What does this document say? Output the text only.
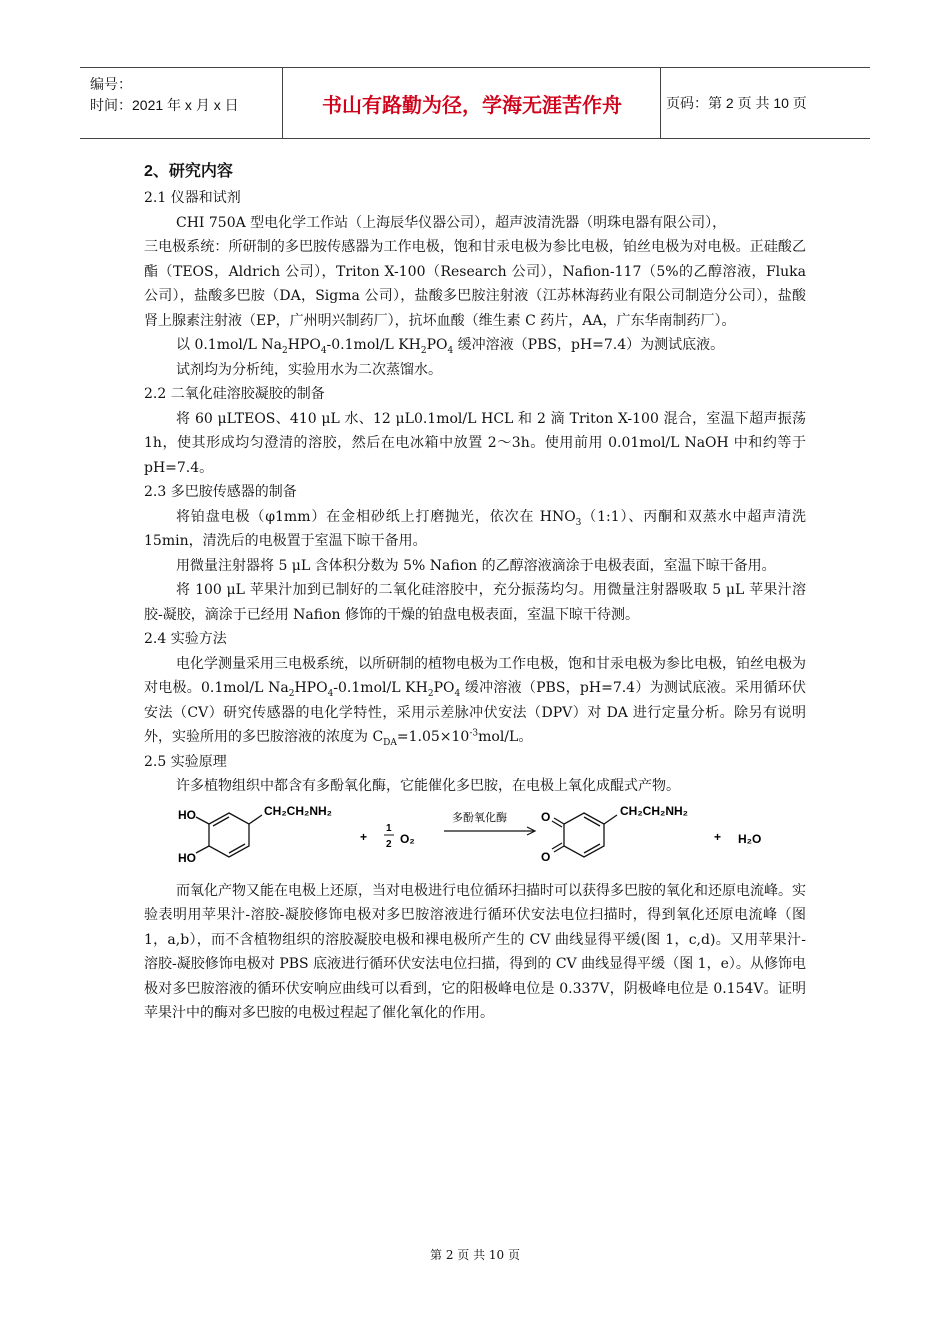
编号：
时间：2021 年 x 月 x 日	书山有路勤为径，学海无涯苦作舟	页码：第 2 页 共 10 页

2、研究内容

2.1 仪器和试剂

CHI 750A 型电化学工作站（上海辰华仪器公司），超声波清洗器（明珠电器有限公司），

三电极系统：所研制的多巴胺传感器为工作电极，饱和甘汞电极为参比电极，铂丝电极为对电极。正硅酸乙酯（TEOS，Aldrich 公司），Triton X-100（Research 公司），Nafion-117（5%的乙醇溶液，Fluka 公司），盐酸多巴胺（DA，Sigma 公司），盐酸多巴胺注射液（江苏林海药业有限公司制造分公司），盐酸肾上腺素注射液（EP，广州明兴制药厂），抗坏血酸（维生素 C 药片，AA，广东华南制药厂）。

以 0.1mol/L $Na_2HPO_4-0.1mol/L$ $KH_2PO_4$ 缓冲溶液（PBS，pH=7.4）为测试底液。

试剂均为分析纯，实验用水为二次蒸馏水。

2.2 二氧化硅溶胶凝胶的制备

将 60 μLTEOS、410 μL 水、12 μL0.1mol/L HCL 和 2 滴 Triton X-100 混合，室温下超声振荡 1h，使其形成均匀澄清的溶胶，然后在电冰箱中放置 2～3h。使用前用 0.01mol/L NaOH 中和约等于 pH=7.4。

2.3 多巴胺传感器的制备

将铂盘电极（φ1mm）在金相砂纸上打磨抛光，依次在 $HNO_3(1:1)$、丙酮和双蒸水中超声清洗 15min，清洗后的电极置于室温下晾干备用。

用微量注射器将 5 μL 含体积分数为 5% Nafion 的乙醇溶液滴涂于电极表面，室温下晾干备用。

将 100 μL 苹果汁加到已制好的二氧化硅溶胶中，充分振荡均匀。用微量注射器吸取 5 μL 苹果汁溶胶-凝胶，滴涂于已经用 Nafion 修饰的干燥的铂盘电极表面，室温下晾干待测。

2.4 实验方法

电化学测量采用三电极系统，以所研制的植物电极为工作电极，饱和甘汞电极为参比电极，铂丝电极为对电极。0.1mol/L $Na_2HPO_4-0.1mol/L$ $KH_2PO_4$ 缓冲溶液（PBS，pH=7.4）为测试底液。采用循环伏安法（CV）研究传感器的电化学特性，采用示差脉冲伏安法（DPV）对 DA 进行定量分析。除另有说明外，实验所用的多巴胺溶液的浓度为 $C_{DA}=1.05\times 10^{-3}mol/L$。

2.5 实验原理

许多植物组织中都含有多酚氧化酶，它能催化多巴胺，在电极上氧化成醌式产物。

HO
HO
CH₂CH₂NH₂
+
1
2 O₂
多酚氧化酶	O
O
CH₂CH₂NH₂
+ H₂O

而氧化产物又能在电极上还原，当对电极进行电位循环扫描时可以获得多巴胺的氧化和还原电流峰。实验表明用苹果汁-溶胶-凝胶修饰电极对多巴胺溶液进行循环伏安法电位扫描时，得到氧化还原电流峰（图 1，a,b），而不含植物组织的溶胶凝胶电极和裸电极所产生的 CV 曲线显得平缓(图 1，c,d)。又用苹果汁-溶胶-凝胶修饰电极对 PBS 底液进行循环伏安法电位扫描，得到的 CV 曲线显得平缓（图 1，e）。从修饰电极对多巴胺溶液的循环伏安响应曲线可以看到，它的阳极峰电位是 0.337V，阴极峰电位是 0.154V。证明苹果汁中的酶对多巴胺的电极过程起了催化氧化的作用。

第 2 页 共 10 页
